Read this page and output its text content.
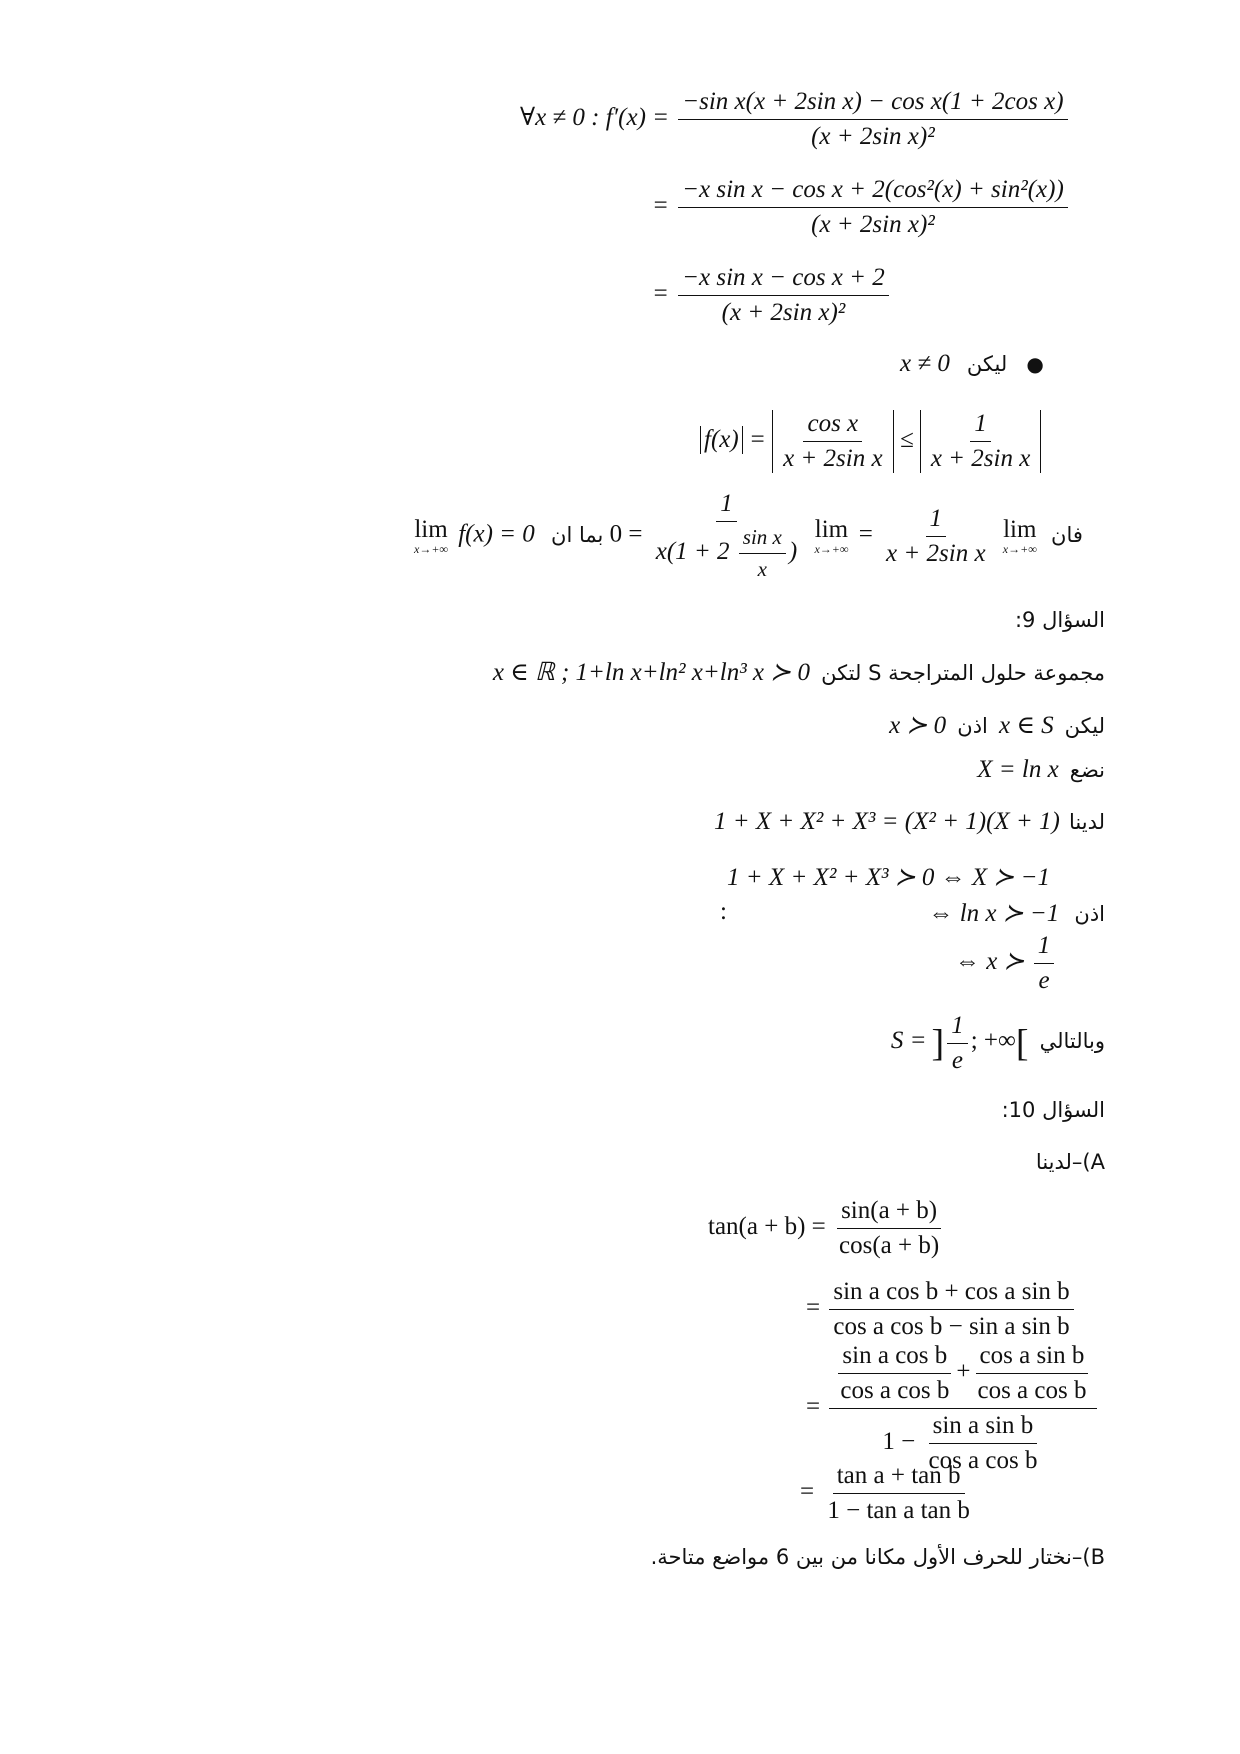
∀x ≠ 0 : $f'(x) = \frac{\text{−sin x(x + 2sin x) − cos x(1 + 2cos x)}}{\text{(x + 2sin x)²}}$
= $\frac{\text{−x sin x − cos x + 2(cos²(x) + sin²(x))}}{\text{(x + 2sin x)²}}$
= $\frac{\text{−x sin x − cos x + 2}}{\text{(x + 2sin x)²}}$
x ≠ 0 ليكن ●
$f(x) = \frac{\text{cos x}}{\text{x + 2sin x}} \le \frac{1}{\text{x + 2sin x}}$
lim
x→+∞
f(x) = 0	فان
lim
x→+∞

$\frac{1}{\text{x + 2sin x}}$
=
lim
x→+∞

$\frac{1}{x(1 + 2 \frac{\text{sin x}}{x} )}$
= 0 بما ان
السؤال 9:
x ∈ ℝ ; 1+ln x+ln² x+ln³ x ≻ 0 لتكن S مجموعة حلول المتراجحة
x ≻ 0 اذن x ∈ S ليكن
X = ln x نضع
1 + X + X² + X³ = (X² + 1)(X + 1) لدينا
1 + X + X² + X³ ≻ 0 ⇔ X ≻ −1
:	⇔ ln x ≻ −1 اذن
⇔ x ≻ $\frac{1}{e}$
S = ] $\frac{1}{e}$ ; +∞[ وبالتالي
السؤال 10:
A)–لدينا
$\tan(a + b) = \frac{\sin(a + b)}{\cos(a + b)}$
= $\frac{\text{sin a cos b + cos a sin b}}{\text{cos a cos b − sin a sin b}}$
=
$\frac{\text{sin a cos b}}{\text{cos a cos b}} + \frac{\text{cos a sin b}}{\text{cos a cos b}}$
$1 - \frac{\text{sin a sin b}}{\text{cos a cos b}}$
= $\frac{\text{tan a + tan b}}{\text{1 − tan a tan b}}$
B)–نختار للحرف الأول مكانا من بين 6 مواضع متاحة.
